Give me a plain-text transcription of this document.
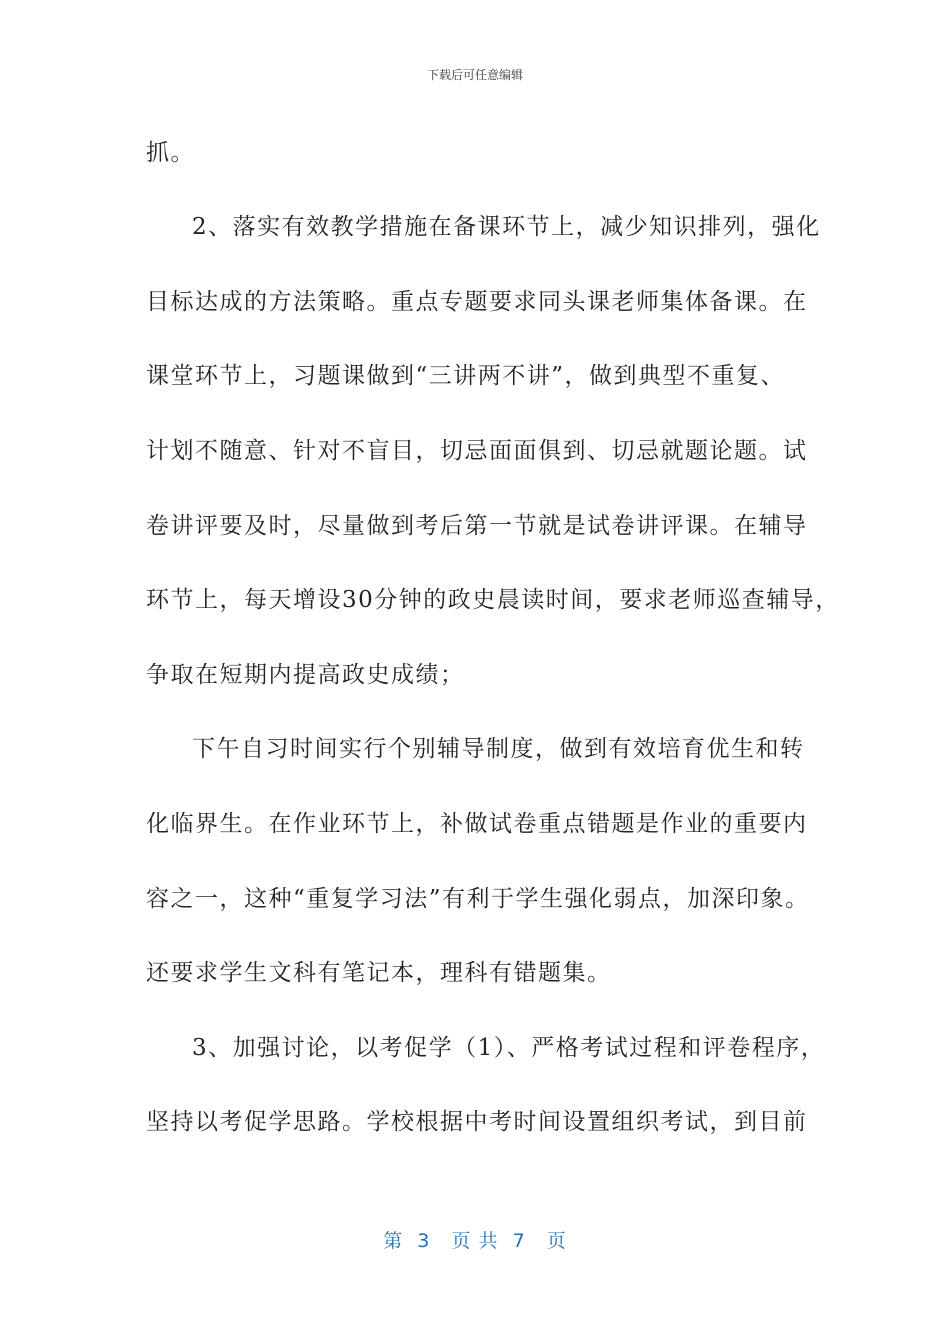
下载后可任意编辑
抓。
2、落实有效教学措施在备课环节上，减少知识排列，强化
目标达成的方法策略。重点专题要求同头课老师集体备课。在
课堂环节上，习题课做到“三讲两不讲”，做到典型不重复、
计划不随意、针对不盲目，切忌面面俱到、切忌就题论题。试
卷讲评要及时，尽量做到考后第一节就是试卷讲评课。在辅导
环节上，每天增设30分钟的政史晨读时间，要求老师巡查辅导，
争取在短期内提高政史成绩；
下午自习时间实行个别辅导制度，做到有效培育优生和转
化临界生。在作业环节上，补做试卷重点错题是作业的重要内
容之一，这种“重复学习法”有利于学生强化弱点，加深印象。
还要求学生文科有笔记本，理科有错题集。
3、加强讨论，以考促学（1）、严格考试过程和评卷程序，
坚持以考促学思路。学校根据中考时间设置组织考试，到目前
第  3   页 共  7   页
